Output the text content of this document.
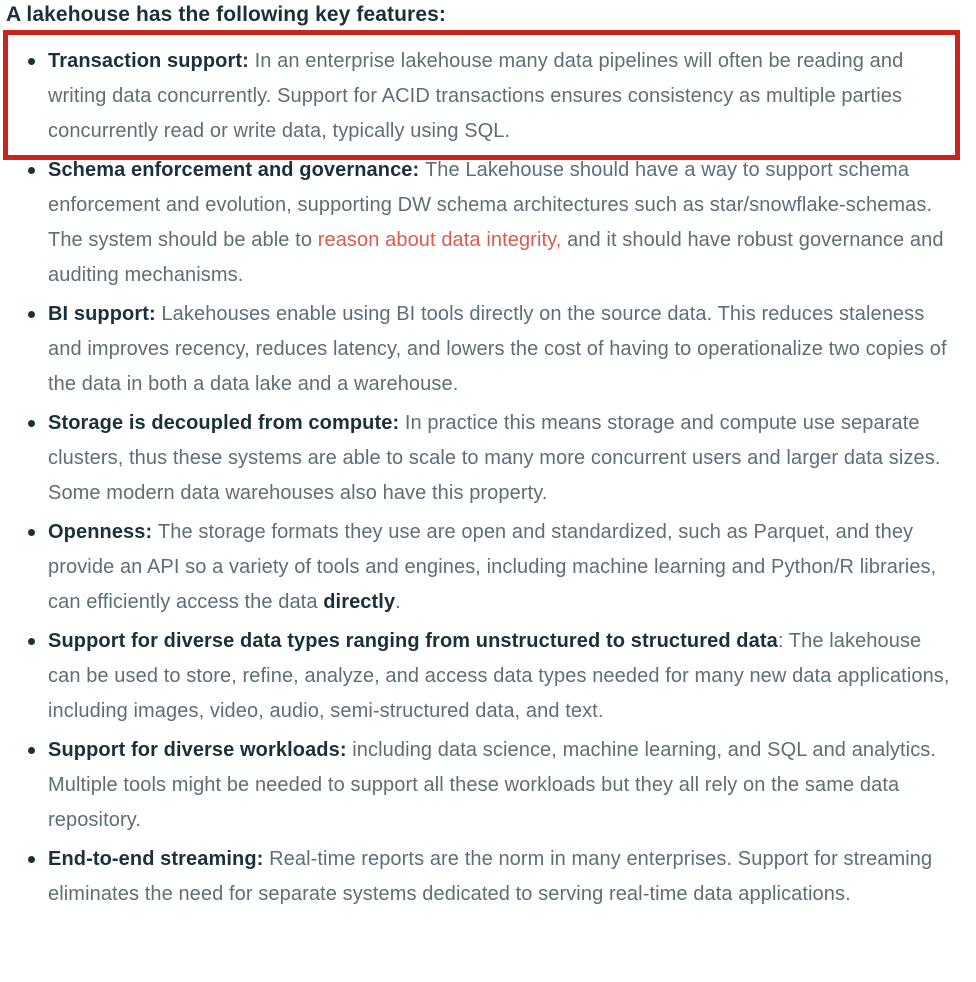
A lakehouse has the following key features:
Transaction support: In an enterprise lakehouse many data pipelines will often be reading and writing data concurrently. Support for ACID transactions ensures consistency as multiple parties concurrently read or write data, typically using SQL.
Schema enforcement and governance: The Lakehouse should have a way to support schema enforcement and evolution, supporting DW schema architectures such as star/snowflake-schemas. The system should be able to reason about data integrity, and it should have robust governance and auditing mechanisms.
BI support: Lakehouses enable using BI tools directly on the source data. This reduces staleness and improves recency, reduces latency, and lowers the cost of having to operationalize two copies of the data in both a data lake and a warehouse.
Storage is decoupled from compute: In practice this means storage and compute use separate clusters, thus these systems are able to scale to many more concurrent users and larger data sizes. Some modern data warehouses also have this property.
Openness: The storage formats they use are open and standardized, such as Parquet, and they provide an API so a variety of tools and engines, including machine learning and Python/R libraries, can efficiently access the data directly.
Support for diverse data types ranging from unstructured to structured data: The lakehouse can be used to store, refine, analyze, and access data types needed for many new data applications, including images, video, audio, semi-structured data, and text.
Support for diverse workloads: including data science, machine learning, and SQL and analytics. Multiple tools might be needed to support all these workloads but they all rely on the same data repository.
End-to-end streaming: Real-time reports are the norm in many enterprises. Support for streaming eliminates the need for separate systems dedicated to serving real-time data applications.
